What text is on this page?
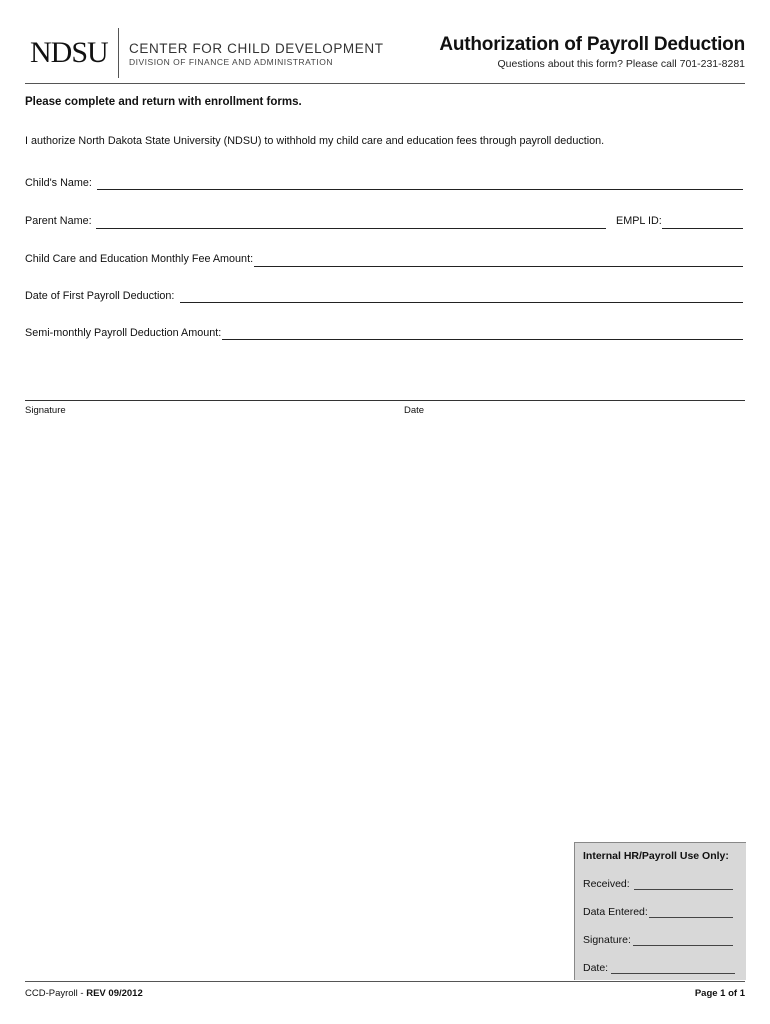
NDSU CENTER FOR CHILD DEVELOPMENT
DIVISION OF FINANCE AND ADMINISTRATION
Authorization of Payroll Deduction
Questions about this form? Please call 701-231-8281
Please complete and return with enrollment forms.
I authorize North Dakota State University (NDSU) to withhold my child care and education fees through payroll deduction.
Child's Name:
Parent Name:	EMPL ID:
Child Care and Education Monthly Fee Amount:
Date of First Payroll Deduction:
Semi-monthly Payroll Deduction Amount:
Signature	Date
Internal HR/Payroll Use Only:
Received:
Data Entered:
Signature:
Date:
CCD-Payroll - REV 09/2012	Page 1 of 1
